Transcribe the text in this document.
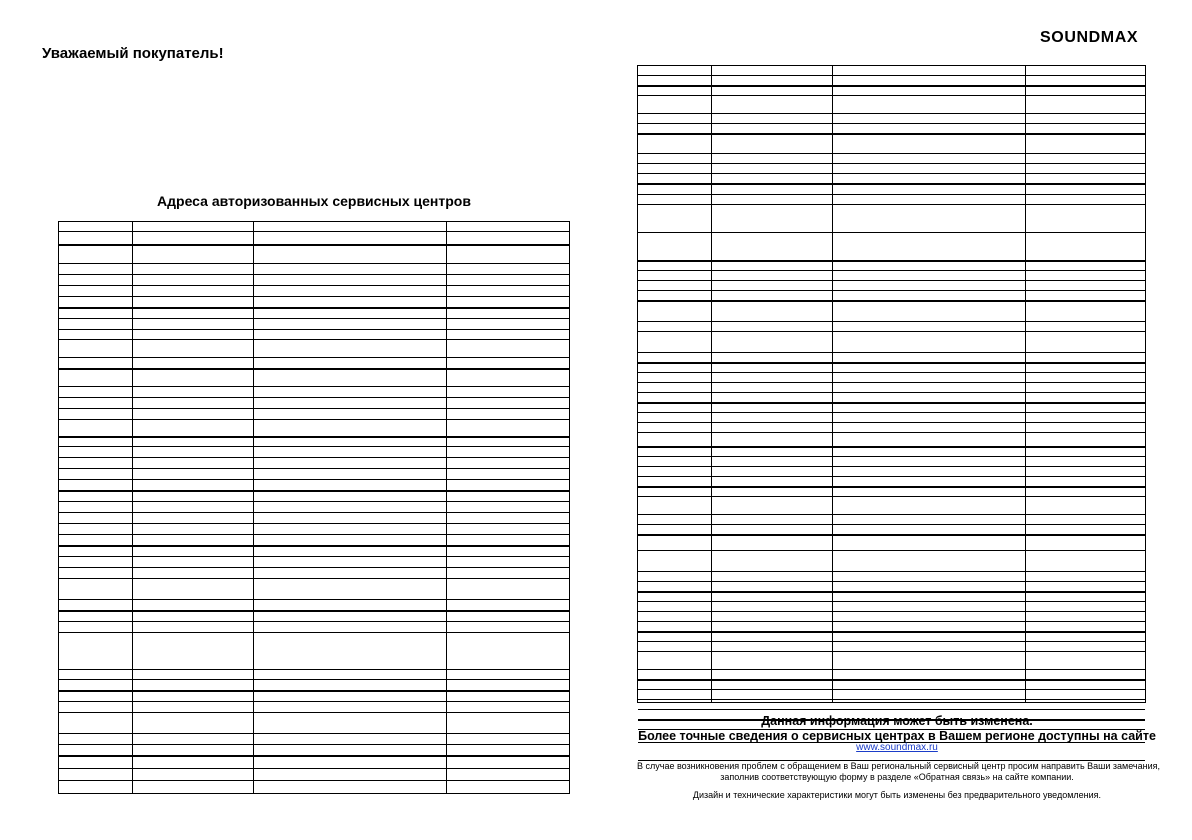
Уважаемый покупатель!
SOUNDMAX
Адреса авторизованных сервисных центров
Данная информация может быть изменена.
Более точные сведения о сервисных центрах в Вашем регионе доступны на сайте
www.soundmax.ru
В случае возникновения проблем с обращением в Ваш региональный сервисный центр просим направить Ваши замечания,
заполнив соответствующую форму в разделе «Обратная связь» на сайте компании.
Дизайн и технические характеристики могут быть изменены без предварительного уведомления.
